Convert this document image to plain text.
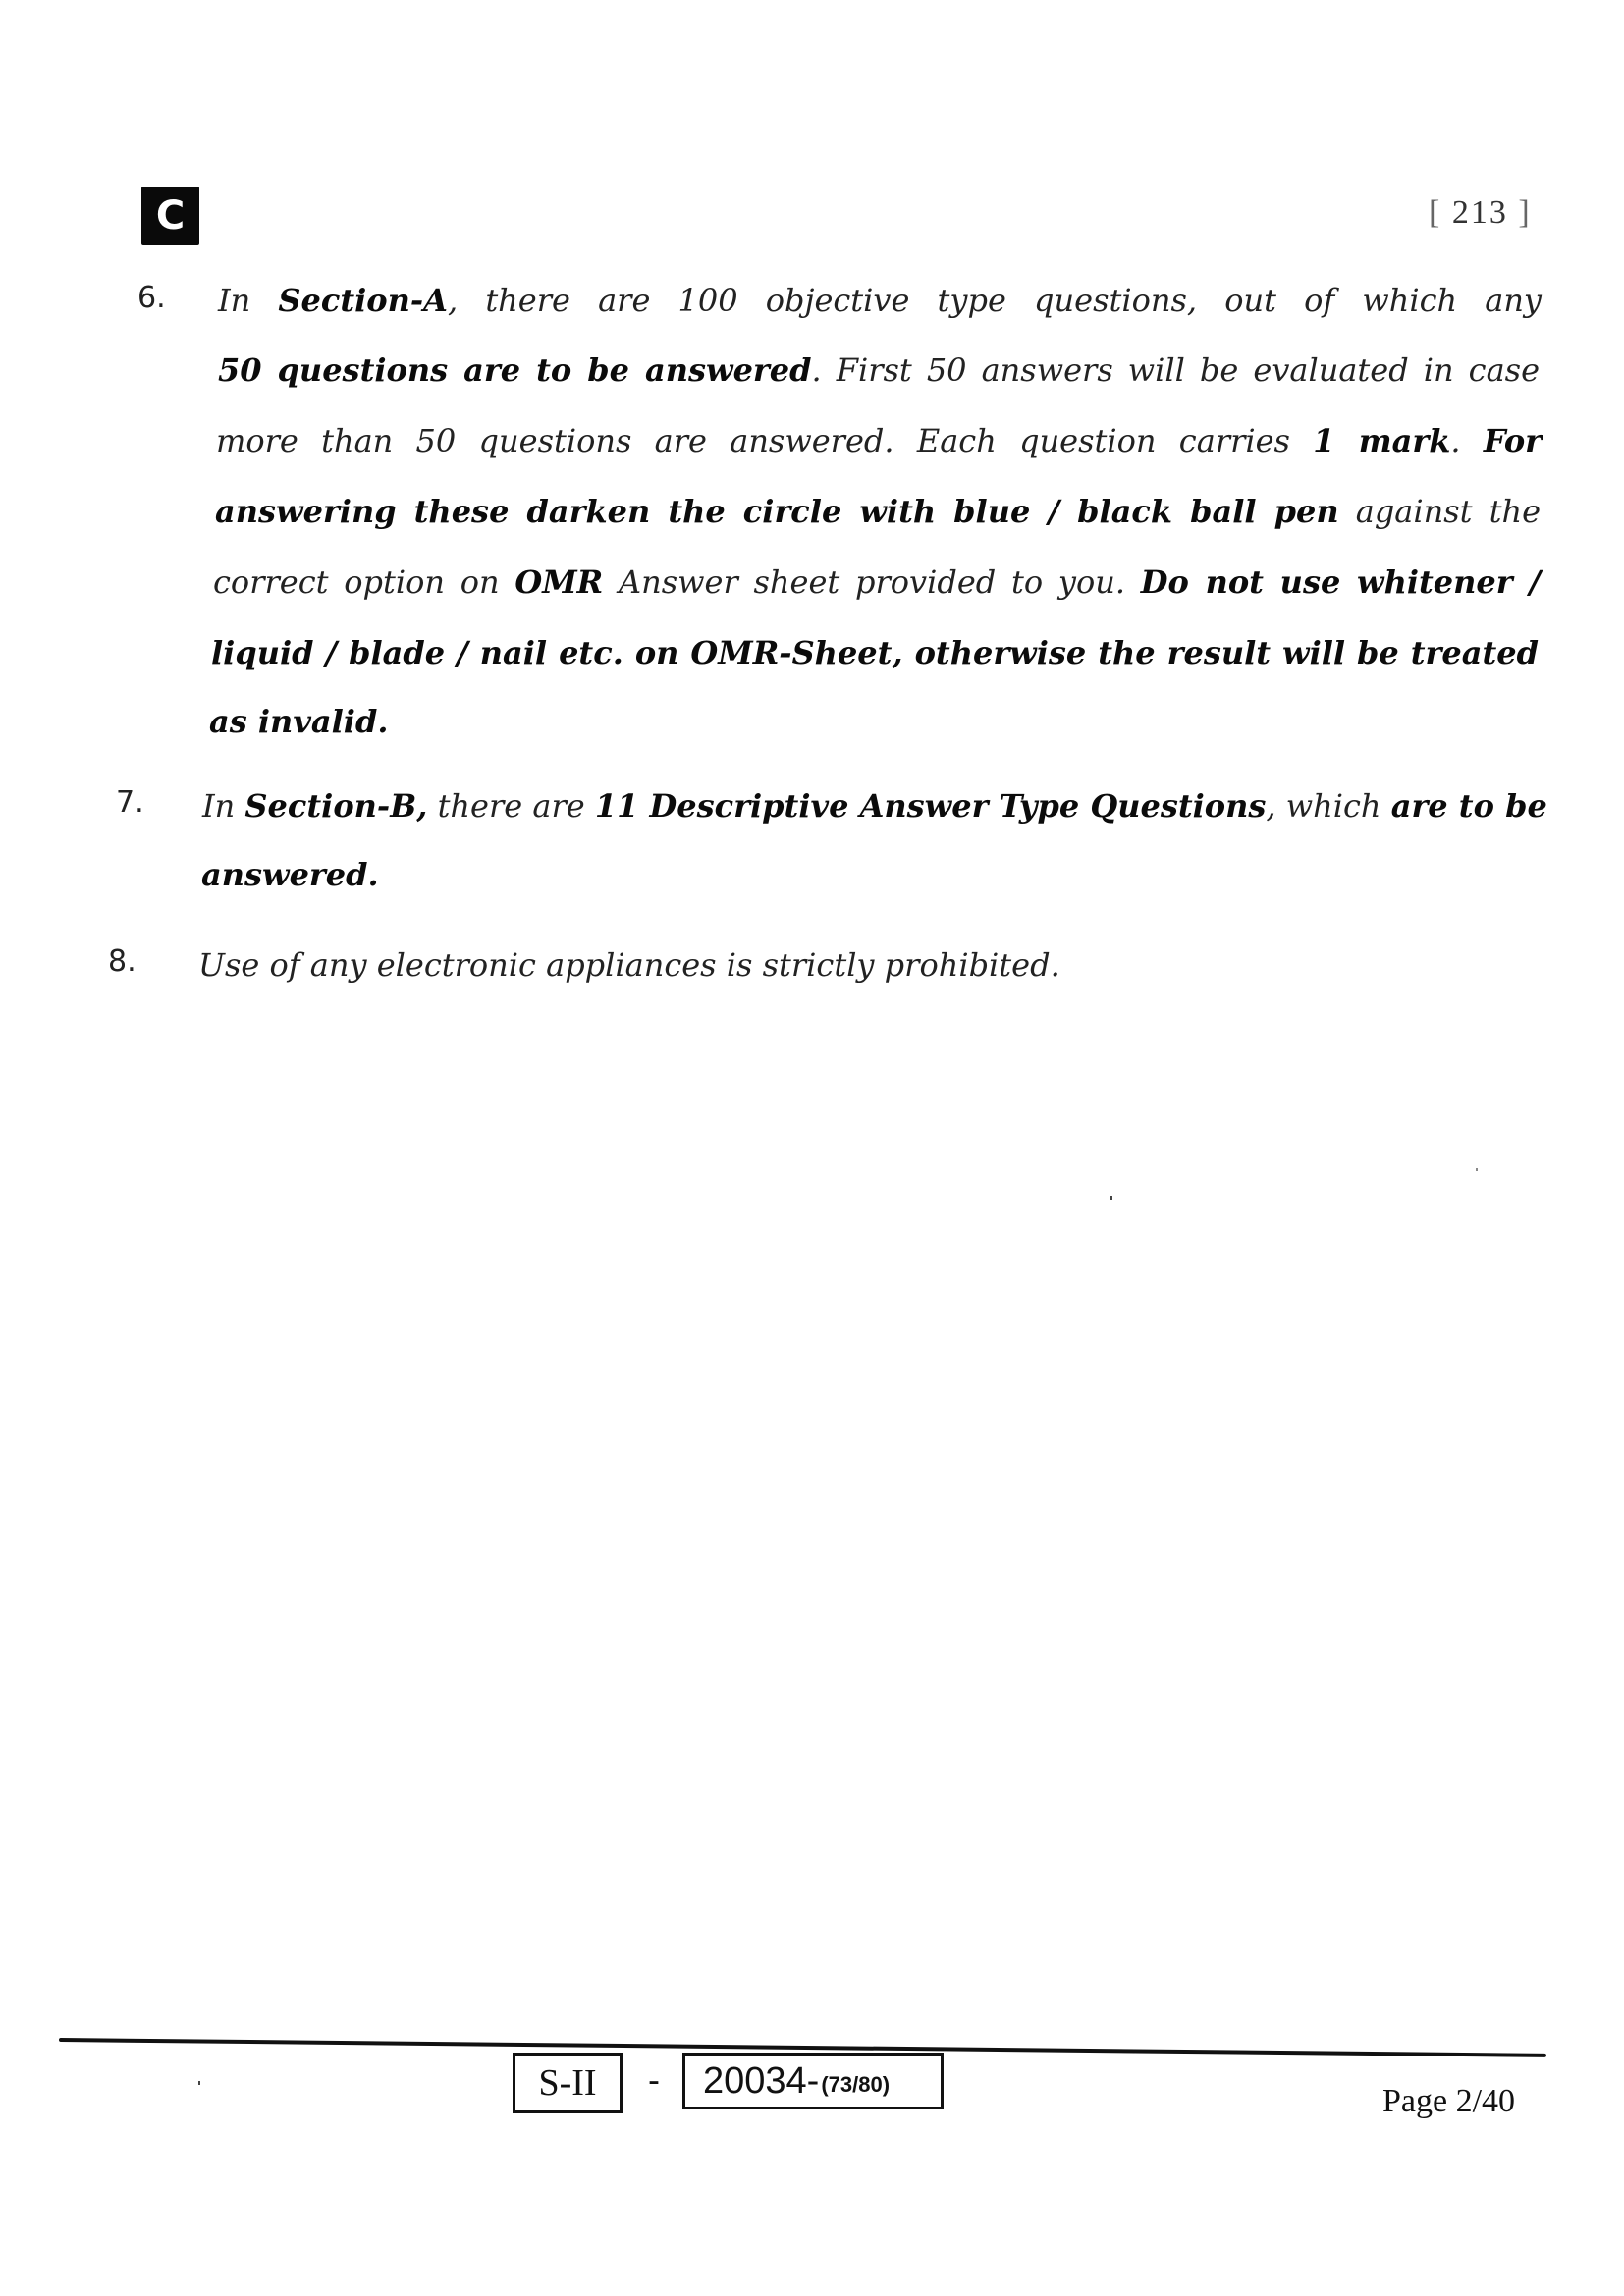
C	[ 213 ]
6. In Section-A, there are 100 objective type questions, out of which any
50 questions are to be answered. First 50 answers will be evaluated in case
more than 50 questions are answered. Each question carries 1 mark. For
answering these darken the circle with blue / black ball pen against the
correct option on OMR Answer sheet provided to you. Do not use whitener /
liquid / blade / nail etc. on OMR-Sheet, otherwise the result will be treated
as invalid.
7. In Section-B, there are 11 Descriptive Answer Type Questions, which are to be
answered.
8. Use of any electronic appliances is strictly prohibited.
S-II - 20034- (73/80)	Page 2/40
